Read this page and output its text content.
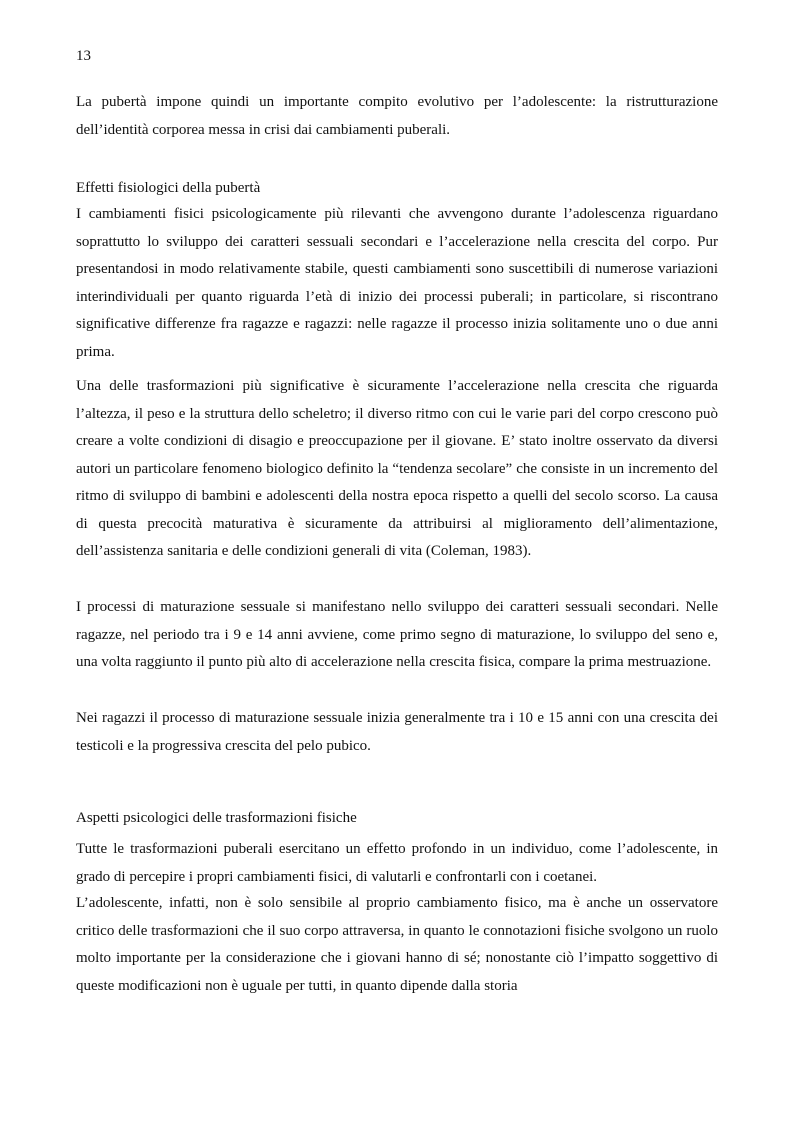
13

La pubertà impone quindi un importante compito evolutivo per l’adolescente: la ristrutturazione dell’identità corporea messa in crisi dai cambiamenti puberali.

Effetti fisiologici della pubertà

I cambiamenti fisici psicologicamente più rilevanti che avvengono durante l’adolescenza riguardano soprattutto lo sviluppo dei caratteri sessuali secondari e l’accelerazione nella crescita del corpo. Pur presentandosi in modo relativamente stabile, questi cambiamenti sono suscettibili di numerose variazioni interindividuali per quanto riguarda l’età di inizio dei processi puberali; in particolare, si riscontrano significative differenze fra ragazze e ragazzi: nelle ragazze il processo inizia solitamente uno o due anni prima.

Una delle trasformazioni più significative è sicuramente l’accelerazione nella crescita che riguarda l’altezza, il peso e la struttura dello scheletro; il diverso ritmo con cui le varie pari del corpo crescono può creare a volte condizioni di disagio e preoccupazione per il giovane. E’ stato inoltre osservato da diversi autori un particolare fenomeno biologico definito la “tendenza secolare” che consiste in un incremento del ritmo di sviluppo di bambini e adolescenti della nostra epoca rispetto a quelli del secolo scorso. La causa di questa precocità maturativa è sicuramente da attribuirsi al miglioramento dell’alimentazione, dell’assistenza sanitaria e delle condizioni generali di vita (Coleman, 1983).

I processi di maturazione sessuale si manifestano nello sviluppo dei caratteri sessuali secondari. Nelle ragazze, nel periodo tra i 9 e 14 anni avviene, come primo segno di maturazione, lo sviluppo del seno e, una volta raggiunto il punto più alto di accelerazione nella crescita fisica, compare la prima mestruazione.

Nei ragazzi il processo di maturazione sessuale inizia generalmente tra i 10 e 15 anni con una crescita dei testicoli e la progressiva crescita del pelo pubico.

Aspetti psicologici delle trasformazioni fisiche

Tutte le trasformazioni puberali esercitano un effetto profondo in un individuo, come l’adolescente, in grado di percepire i propri cambiamenti fisici, di valutarli e confrontarli con i coetanei.

L’adolescente, infatti, non è solo sensibile al proprio cambiamento fisico, ma è anche un osservatore critico delle trasformazioni che il suo corpo attraversa, in quanto le connotazioni fisiche svolgono un ruolo molto importante per la considerazione che i giovani hanno di sé; nonostante ciò l’impatto soggettivo di queste modificazioni non è uguale per tutti, in quanto dipende dalla storia
